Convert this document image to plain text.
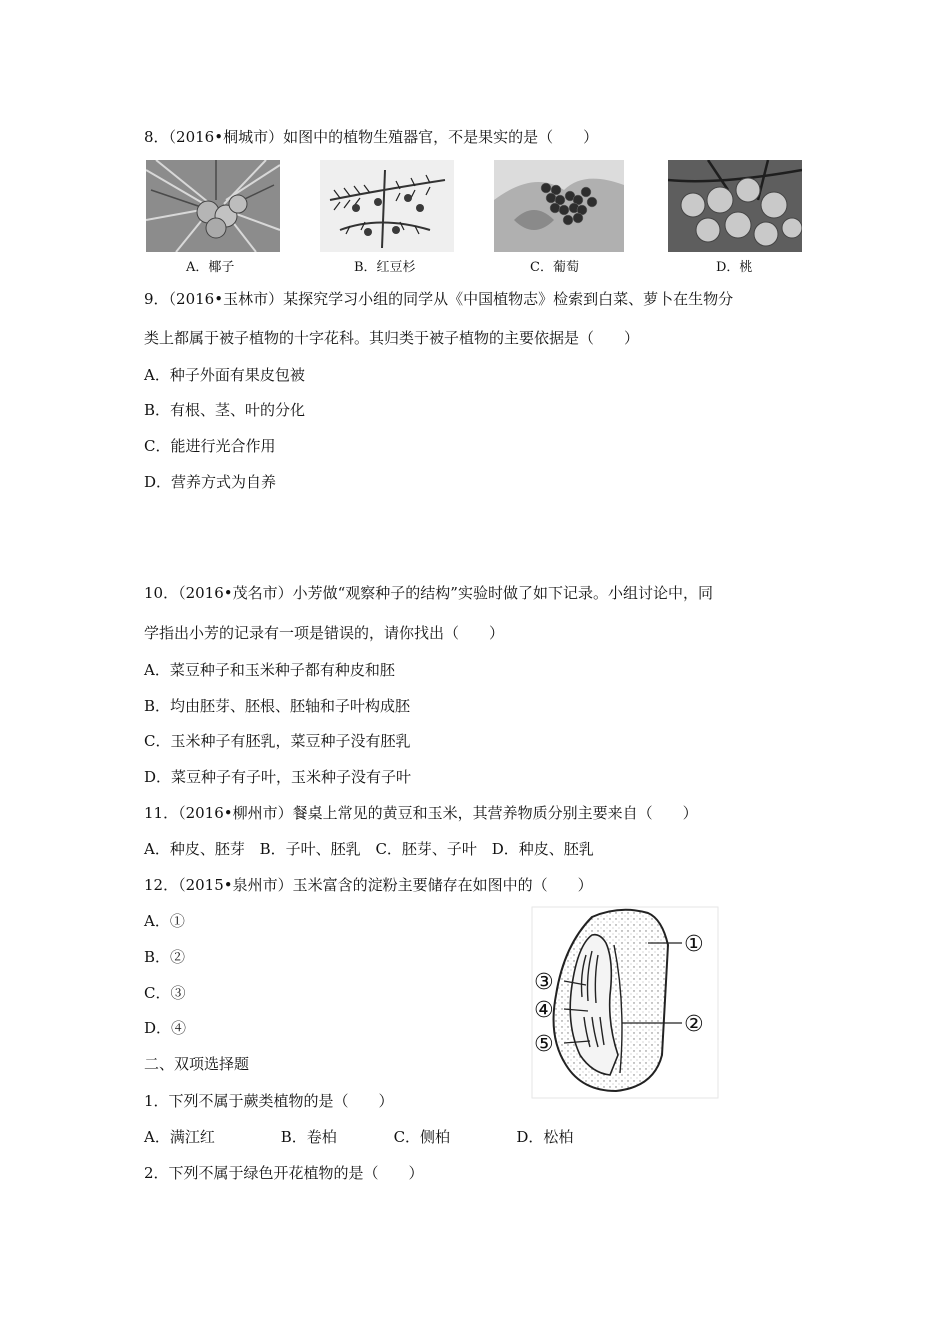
8．（2016•桐城市）如图中的植物生殖器官，不是果实的是（　　）
A．椰子	B．红豆杉	C．葡萄	D．桃
9．（2016•玉林市）某探究学习小组的同学从《中国植物志》检索到白菜、萝卜在生物分
类上都属于被子植物的十字花科。其归类于被子植物的主要依据是（　　）
A．种子外面有果皮包被
B．有根、茎、叶的分化
C．能进行光合作用
D．营养方式为自养
10．（2016•茂名市）小芳做“观察种子的结构”实验时做了如下记录。小组讨论中，同
学指出小芳的记录有一项是错误的，请你找出（　　）
A．菜豆种子和玉米种子都有种皮和胚
B．均由胚芽、胚根、胚轴和子叶构成胚
C．玉米种子有胚乳，菜豆种子没有胚乳
D．菜豆种子有子叶，玉米种子没有子叶
11．（2016•柳州市）餐桌上常见的黄豆和玉米，其营养物质分别主要来自（　　）
A．种皮、胚芽 B．子叶、胚乳 C．胚芽、子叶 D．种皮、胚乳
12．（2015•泉州市）玉米富含的淀粉主要储存在如图中的（　　）
A．①
B．②
C．③
D．④
①
②
③
④
⑤
二、双项选择题
1．下列不属于蕨类植物的是（　　）
A．满江红	B．卷柏	C．侧柏	D．松柏
2．下列不属于绿色开花植物的是（　　）
